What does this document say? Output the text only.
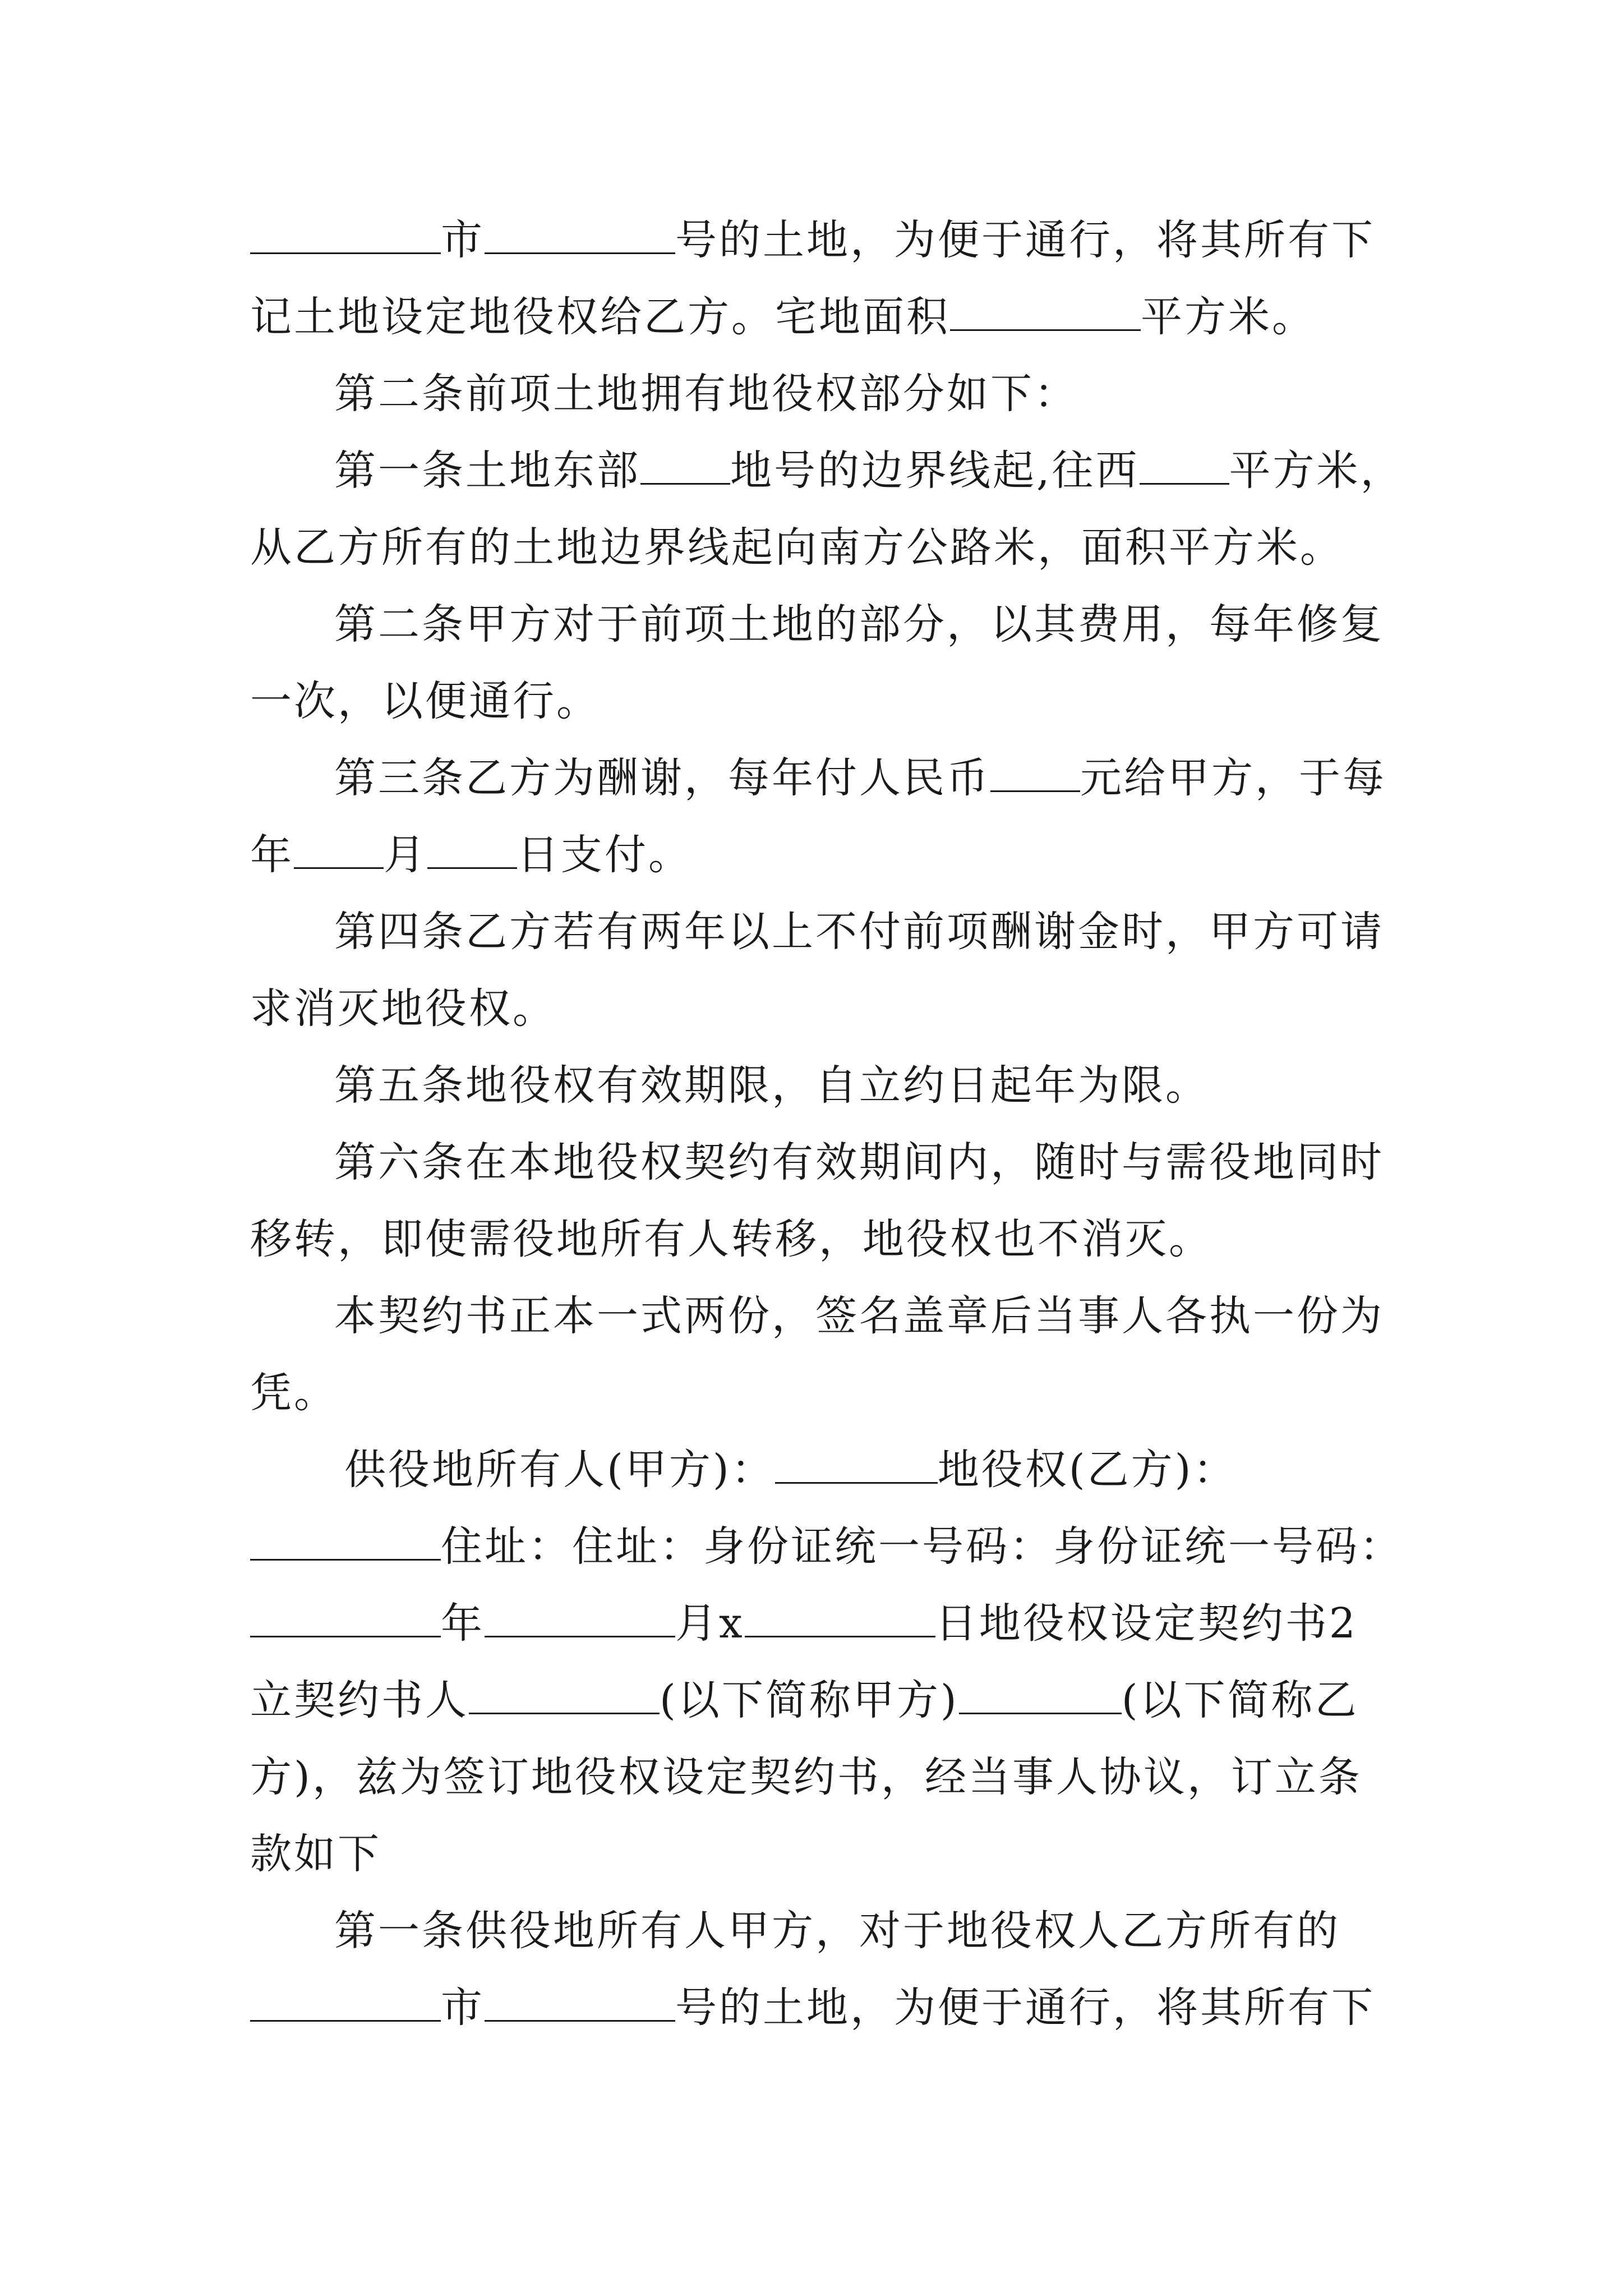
市	号的土地，为便于通行，将其所有下
记土地设定地役权给乙方。宅地面积	平方米。
第二条前项土地拥有地役权部分如下：
第一条土地东部 地号的边界线起,往西 平方米，
从乙方所有的土地边界线起向南方公路米，面积平方米。
第二条甲方对于前项土地的部分，以其费用，每年修复
一次，以便通行。
第三条乙方为酬谢，每年付人民币 元给甲方，于每
年 月 日支付。
第四条乙方若有两年以上不付前项酬谢金时，甲方可请
求消灭地役权。
第五条地役权有效期限，自立约日起年为限。
第六条在本地役权契约有效期间内，随时与需役地同时
移转，即使需役地所有人转移，地役权也不消灭。
本契约书正本一式两份，签名盖章后当事人各执一份为
凭。
供役地所有人(甲方)：	地役权(乙方)：
住址：住址：身份证统一号码：身份证统一号码：
年	月x	日地役权设定契约书2
立契约书人	(以下简称甲方)	(以下简称乙
方)，兹为签订地役权设定契约书，经当事人协议，订立条
款如下
第一条供役地所有人甲方，对于地役权人乙方所有的
市	号的土地，为便于通行，将其所有下
